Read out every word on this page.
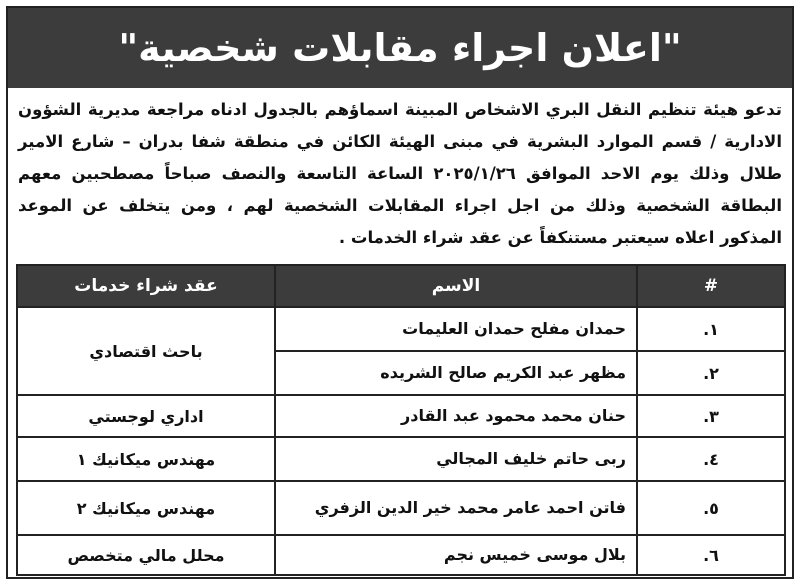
"اعلان اجراء مقابلات شخصية"

تدعو هيئة تنظيم النقل البري الاشخاص المبينة اسماؤهم بالجدول ادناه مراجعة مديرية الشؤون الادارية / قسم الموارد البشرية في مبنى الهيئة الكائن في منطقة شفا بدران – شارع الامير طلال وذلك يوم الاحد الموافق ٢٠٢٥/١/٢٦ الساعة التاسعة والنصف صباحاً مصطحبين معهم البطاقة الشخصية وذلك من اجل اجراء المقابلات الشخصية لهم ، ومن يتخلف عن الموعد المذكور اعلاه سيعتبر مستنكفاً عن عقد شراء الخدمات .

#	الاسم	عقد شراء خدمات
١.	حمدان مفلح حمدان العليمات	باحث اقتصادي
٢.	مظهر عبد الكريم صالح الشريده	
٣.	حنان محمد محمود عبد القادر	اداري لوجستي
٤.	ربى حاتم خليف المجالي	مهندس ميكانيك ١
٥.	فاتن احمد عامر محمد خير الدين الزفري	مهندس ميكانيك ٢
٦.	بلال موسى خميس نجم	محلل مالي متخصص
